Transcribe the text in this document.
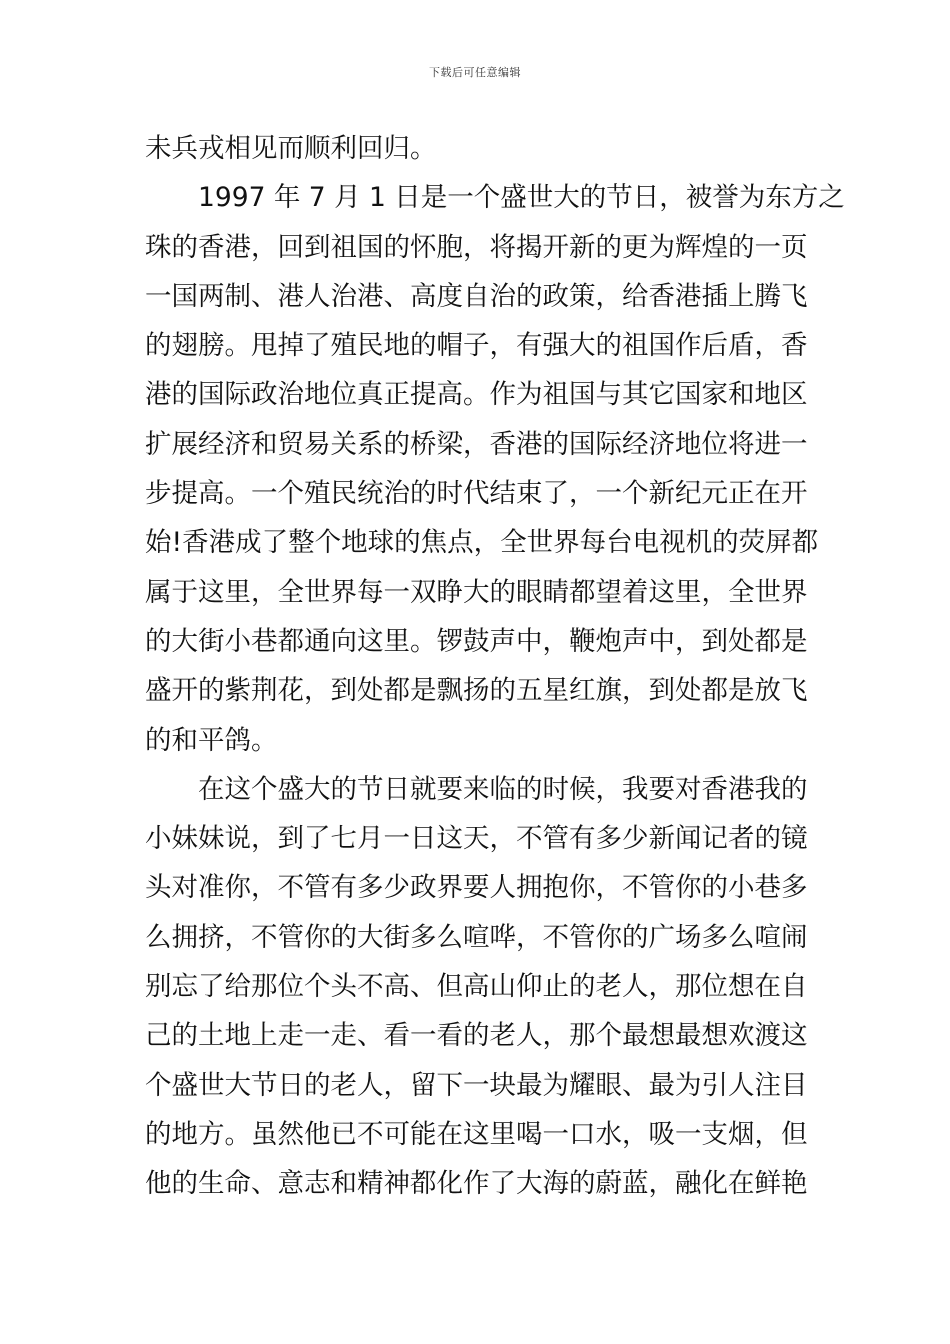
下载后可任意编辑
未兵戎相见而顺利回归。
　　1997 年 7 月 1 日是一个盛世大的节日，被誉为东方之
珠的香港，回到祖国的怀胞，将揭开新的更为辉煌的一页
一国两制、港人治港、高度自治的政策，给香港插上腾飞
的翅膀。甩掉了殖民地的帽子，有强大的祖国作后盾，香
港的国际政治地位真正提高。作为祖国与其它国家和地区
扩展经济和贸易关系的桥梁，香港的国际经济地位将进一
步提高。一个殖民统治的时代结束了，一个新纪元正在开
始!香港成了整个地球的焦点，全世界每台电视机的荧屏都
属于这里，全世界每一双睁大的眼睛都望着这里，全世界
的大街小巷都通向这里。锣鼓声中，鞭炮声中，到处都是
盛开的紫荆花，到处都是飘扬的五星红旗，到处都是放飞
的和平鸽。
　　在这个盛大的节日就要来临的时候，我要对香港我的
小妹妹说，到了七月一日这天，不管有多少新闻记者的镜
头对准你，不管有多少政界要人拥抱你，不管你的小巷多
么拥挤，不管你的大街多么喧哗，不管你的广场多么喧闹
别忘了给那位个头不高、但高山仰止的老人，那位想在自
己的土地上走一走、看一看的老人，那个最想最想欢渡这
个盛世大节日的老人，留下一块最为耀眼、最为引人注目
的地方。虽然他已不可能在这里喝一口水，吸一支烟，但
他的生命、意志和精神都化作了大海的蔚蓝，融化在鲜艳
